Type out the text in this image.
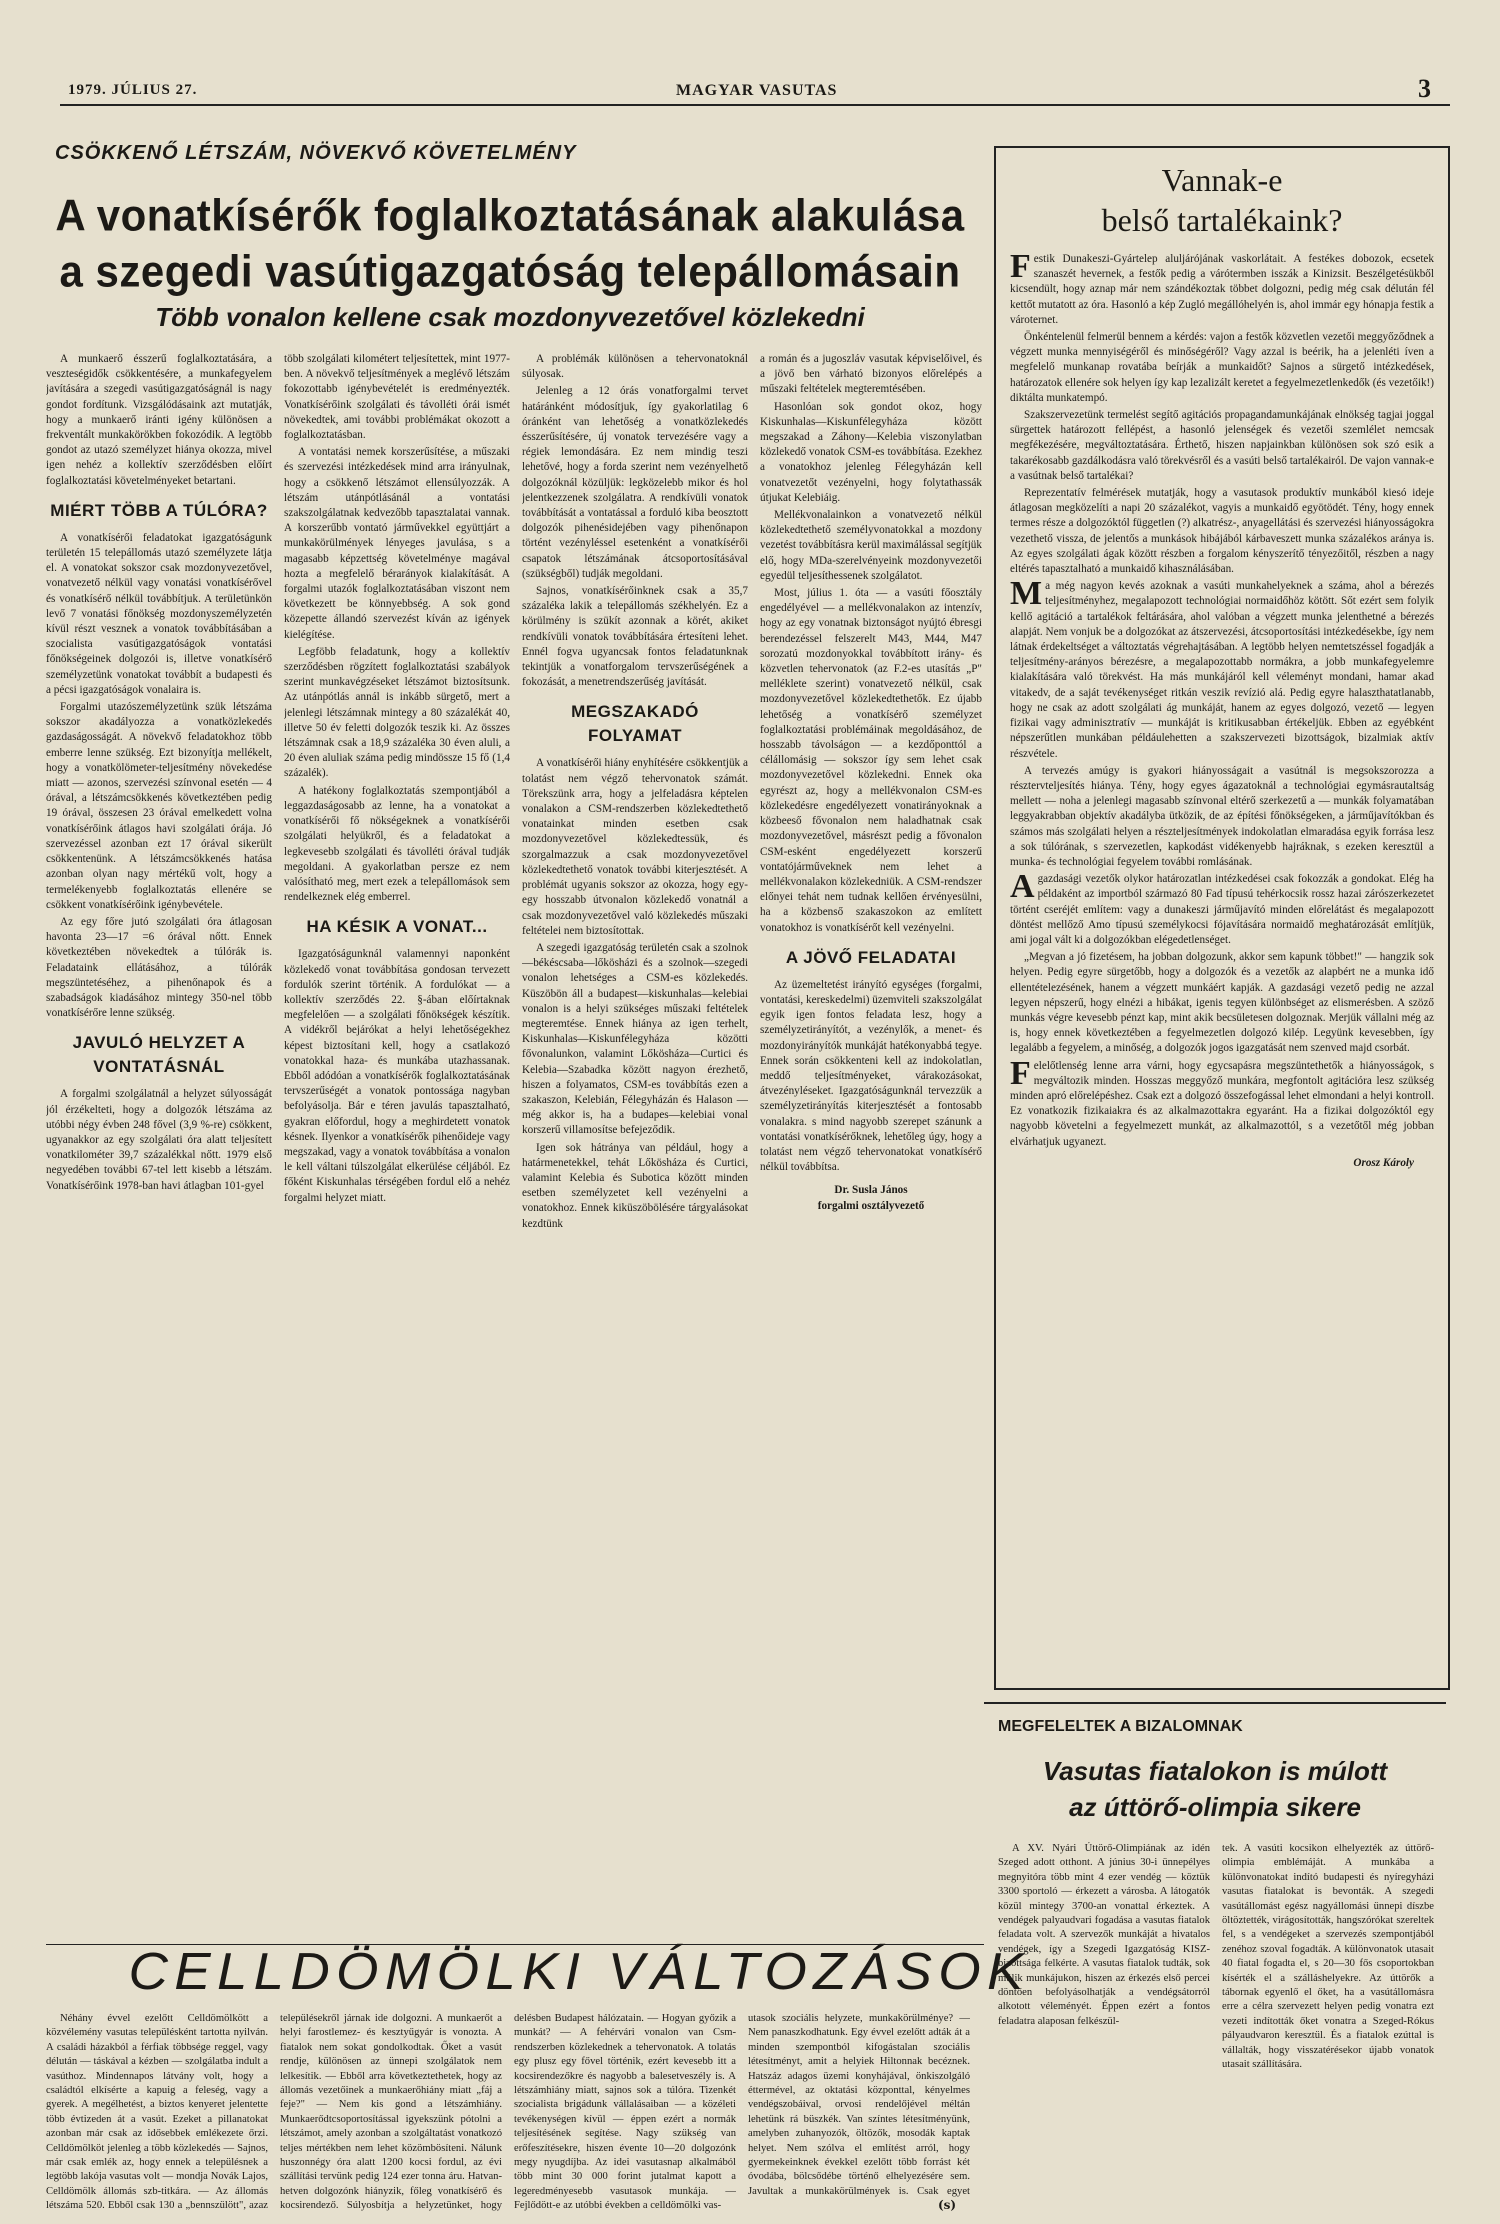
1979. JÚLIUS 27.	MAGYAR VASUTAS	3
CSÖKKENŐ LÉTSZÁM, NÖVEKVŐ KÖVETELMÉNY
A vonatkísérők foglalkoztatásának alakulása
a szegedi vasútigazgatóság telepállomásain
Több vonalon kellene csak mozdonyvezetővel közlekedni

A munkaerő ésszerű foglalkoztatására, a veszteségidők csökkentésére, a munkafegyelem javítására a szegedi vasútigazgatóságnál is nagy gondot fordítunk. Vizsgálódásaink azt mutatják, hogy a munkaerő iránti igény különösen a frekventált munkakörökben fokozódik. A legtöbb gondot az utazó személyzet hiánya okozza, mivel igen nehéz a kollektív szerződésben előírt foglalkoztatási követelményeket betartani.

MIÉRT TÖBB A TÚLÓRA?

A vonatkísérői feladatokat igazgatóságunk területén 15 telepállomás utazó személyzete látja el. A vonatokat sokszor csak mozdonyvezetővel, vonatvezető nélkül vagy vonatási vonatkísérővel és vonatkísérő nélkül továbbítjuk. A területünkön levő 7 vonatási főnökség mozdonyszemélyzetén kívül részt vesznek a vonatok továbbításában a szocialista vasútigazgatóságok vontatási főnökségeinek dolgozói is, illetve vonatkísérő személyzetünk vonatokat továbbít a budapesti és a pécsi igazgatóságok vonalaira is.

Forgalmi utazószemélyzetünk szük létszáma sokszor akadályozza a vonatközlekedés gazdaságosságát. A növekvő feladatokhoz több emberre lenne szükség. Ezt bizonyítja mellékelt, hogy a vonatkölömeter-teljesítmény növekedése miatt — azonos, szervezési színvonal esetén — 4 órával, a létszámcsökkenés következtében pedig 19 órával, összesen 23 órával emelkedett volna vonatkísérőink átlagos havi szolgálati órája. Jó szervezéssel azonban ezt 17 órával sikerült csökkentenünk. A létszámcsökkenés hatása azonban olyan nagy mértékű volt, hogy a termelékenyebb foglalkoztatás ellenére se csökkent vonatkísérőink igénybevétele.

Az egy főre jutó szolgálati óra átlagosan havonta 23—17 =6 órával nőtt. Ennek következtében növekedtek a túlórák is. Feladataink ellátásához, a túlórák megszüntetéséhez, a pihenőnapok és a szabadságok kiadásához mintegy 350-nel több vonatkísérőre lenne szükség.

JAVULÓ HELYZET A VONTATÁSNÁL

A forgalmi szolgálatnál a helyzet súlyosságát jól érzékelteti, hogy a dolgozók létszáma az utóbbi négy évben 248 fővel (3,9 %-re) csökkent, ugyanakkor az egy szolgálati óra alatt teljesített vonatkilométer 39,7 százalékkal nőtt. 1979 első negyedében további 67-tel lett kisebb a létszám. Vonatkísérőink 1978-ban havi átlagban 101-gyel

több szolgálati kilométert teljesítettek, mint 1977-ben. A növekvő teljesítmények a meglévő létszám fokozottabb igénybevételét is eredményezték. Vonatkísérőink szolgálati és távolléti órái ismét növekedtek, ami további problémákat okozott a foglalkoztatásban.

A vontatási nemek korszerűsítése, a műszaki és szervezési intézkedések mind arra irányulnak, hogy a csökkenő létszámot ellensúlyozzák. A létszám utánpótlásánál a vontatási szakszolgálatnak kedvezőbb tapasztalatai vannak. A korszerűbb vontató járművekkel együttjárt a munkakörülmények lényeges javulása, s a magasabb képzettség követelménye magával hozta a megfelelő bérarányok kialakítását. A forgalmi utazók foglalkoztatásában viszont nem következett be könnyebbség. A sok gond közepette állandó szervezést kíván az igények kielégítése.

Legföbb feladatunk, hogy a kollektív szerződésben rögzített foglalkoztatási szabályok szerint munkavégzéseket létszámot biztosítsunk. Az utánpótlás annál is inkább sürgető, mert a jelenlegi létszámnak mintegy a 80 százalékát 40, illetve 50 év feletti dolgozók teszik ki. Az összes létszámnak csak a 18,9 százaléka 30 éven aluli, a 20 éven aluliak száma pedig mindössze 15 fő (1,4 százalék).

A hatékony foglalkoztatás szempontjából a leggazdaságosabb az lenne, ha a vonatokat a vonatkísérői fő nökségeknek a vonatkísérői szolgálati helyükről, és a feladatokat a legkevesebb szolgálati és távolléti órával tudják megoldani. A gyakorlatban persze ez nem valósítható meg, mert ezek a telepállomások sem rendelkeznek elég emberrel.

HA KÉSIK A VONAT...

Igazgatóságunknál valamennyi naponként közlekedő vonat továbbítása gondosan tervezett fordulók szerint történik. A fordulókat — a kollektív szerződés 22. §-ában előírtaknak megfelelően — a szolgálati főnökségek készítik. A vidékről bejárókat a helyi lehetőségekhez képest biztosítani kell, hogy a csatlakozó vonatokkal haza- és munkába utazhassanak. Ebből adódóan a vonatkísérők foglalkoztatásának tervszerűségét a vonatok pontossága nagyban befolyásolja. Bár e téren javulás tapasztalható, gyakran előfordul, hogy a meghirdetett vonatok késnek. Ilyenkor a vonatkísérők pihenőideje vagy megszakad, vagy a vonatok továbbítása a vonalon le kell váltani túlszolgálat elkerülése céljából. Ez főként Kiskunhalas térségében fordul elő a nehéz forgalmi helyzet miatt.

A problémák különösen a tehervonatoknál súlyosak.

Jelenleg a 12 órás vonatforgalmi tervet határánként módosítjuk, így gyakorlatilag 6 óránként van lehetőség a vonatközlekedés ésszerűsítésére, új vonatok tervezésére vagy a régiek lemondására. Ez nem mindig teszi lehetővé, hogy a forda szerint nem vezényelhető dolgozóknál közüljük: legközelebb mikor és hol jelentkezzenek szolgálatra. A rendkívüli vonatok továbbítását a vontatással a forduló kiba beosztott dolgozók pihenésidejében vagy pihenőnapon történt vezényléssel esetenként a vonatkísérői csapatok létszámának átcsoportosításával (szükségből) tudják megoldani.

Sajnos, vonatkísérőinknek csak a 35,7 százaléka lakik a telepállomás székhelyén. Ez a körülmény is szükít azonnak a körét, akiket rendkívüli vonatok továbbítására értesíteni lehet. Ennél fogva ugyancsak fontos feladatunknak tekintjük a vonatforgalom tervszerűségének a fokozását, a menetrendszerűség javítását.

MEGSZAKADÓ FOLYAMAT

A vonatkísérői hiány enyhítésére csökkentjük a tolatást nem végző tehervonatok számát. Törekszünk arra, hogy a jelfeladásra képtelen vonalakon a CSM-rendszerben közlekedtethető vonatainkat minden esetben csak mozdonyvezetővel közlekedtessük, és szorgalmazzuk a csak mozdonyvezetővel közlekedtethető vonatok további kiterjesztését. A problémát ugyanis sokszor az okozza, hogy egy-egy hosszabb útvonalon közlekedő vonatnál a csak mozdonyvezetővel való közlekedés műszaki feltételei nem biztosítottak.

A szegedi igazgatóság területén csak a szolnok—békéscsaba—lőkösházi és a szolnok—szegedi vonalon lehetséges a CSM-es közlekedés. Küszöbön áll a budapest—kiskunhalas—kelebiai vonalon is a helyi szükséges műszaki feltételek megteremtése. Ennek hiánya az igen terhelt, Kiskunhalas—Kiskunfélegyháza közötti fővonalunkon, valamint Lőkösháza—Curtici és Kelebia—Szabadka között nagyon érezhető, hiszen a folyamatos, CSM-es továbbítás ezen a szakaszon, Kelebián, Félegyházán és Halason — még akkor is, ha a budapes—kelebiai vonal korszerű villamosítse befejeződik.

Igen sok hátránya van például, hogy a határmenetekkel, tehát Lőkösháza és Curtici, valamint Kelebia és Subotica között minden esetben személyzetet kell vezényelni a vonatokhoz. Ennek kiküszöbölésére tárgyalásokat kezdtünk

a román és a jugoszláv vasutak képviselőivel, és a jövő ben várható bizonyos előrelépés a műszaki feltételek megteremtésében.

Hasonlóan sok gondot okoz, hogy Kiskunhalas—Kiskunfélegyháza között megszakad a Záhony—Kelebia viszonylatban közlekedő vonatok CSM-es továbbítása. Ezekhez a vonatokhoz jelenleg Félegyházán kell vonatvezetőt vezényelni, hogy folytathassák útjukat Kelebiáig.

Mellékvonalainkon a vonatvezető nélkül közlekedtethető személyvonatokkal a mozdony vezetést továbbításra kerül maximálással segítjük elő, hogy MDa-szerelvényeink mozdonyvezetői egyedül teljesíthessenek szolgálatot.

Most, július 1. óta — a vasúti főosztály engedélyével — a mellékvonalakon az intenzív, hogy az egy vonatnak biztonságot nyújtó ébresgi berendezéssel felszerelt M43, M44, M47 sorozatú mozdonyokkal továbbított irány- és közvetlen tehervonatok (az F.2-es utasítás „P" melléklete szerint) vonatvezető nélkül, csak mozdonyvezetővel közlekedtethetők. Ez újabb lehetőség a vonatkísérő személyzet foglalkoztatási problémáinak megoldásához, de hosszabb távolságon — a kezdőponttól a célállomásig — sokszor így sem lehet csak mozdonyvezetővel közlekedni. Ennek oka egyrészt az, hogy a mellékvonalon CSM-es közlekedésre engedélyezett vonatirányoknak a közbeeső fővonalon nem haladhatnak csak mozdonyvezetővel, másrészt pedig a fővonalon CSM-esként engedélyezett korszerű vontatójárműveknek nem lehet a mellékvonalakon közlekedniük. A CSM-rendszer előnyei tehát nem tudnak kellően érvényesülni, ha a közbenső szakaszokon az említett vonatokhoz is vonatkísérőt kell vezényelni.

A JÖVŐ FELADATAI

Az üzemeltetést irányító egységes (forgalmi, vontatási, kereskedelmi) üzemviteli szakszolgálat egyik igen fontos feladata lesz, hogy a személyzetirányítót, a vezénylők, a menet- és mozdonyirányítók munkáját hatékonyabbá tegye. Ennek során csökkenteni kell az indokolatlan, meddő teljesítményeket, várakozásokat, átvezényléseket. Igazgatóságunknál tervezzük a személyzetirányítás kiterjesztését a fontosabb vonalakra. s mind nagyobb szerepet szánunk a vontatási vonatkísérőknek, lehetőleg úgy, hogy a tolatást nem végző tehervonatokat vonatkísérő nélkül továbbítsa.

Dr. Susla János
forgalmi osztályvezető
Vannak-e
belső tartalékaink?

Festik Dunakeszi-Gyártelep aluljárójának vaskorlátait. A festékes dobozok, ecsetek szanaszét hevernek, a festők pedig a várótermben isszák a Kinizsit. Beszélgetésükből kicsendült, hogy aznap már nem szándékoztak többet dolgozni, pedig még csak délután fél kettőt mutatott az óra. Hasonló a kép Zugló megállóhelyén is, ahol immár egy hónapja festik a vároternet.

Önkéntelenül felmerül bennem a kérdés: vajon a festők közvetlen vezetői meggyőződnek a végzett munka mennyiségéről és minőségéről? Vagy azzal is beérik, ha a jelenléti íven a megfelelő munkanap rovatába beírják a munkaidőt? Sajnos a sürgető intézkedések, határozatok ellenére sok helyen így kap lezalizált keretet a fegyelmezetlenkedők (és vezetőik!) diktálta munkatempó.

Szakszervezetünk termelést segítő agitációs propagandamunkájának elnökség tagjai joggal sürgettek határozott fellépést, a hasonló jelenségek és vezetői szemlélet nemcsak megfékezésére, megváltoztatására. Érthető, hiszen napjainkban különösen sok szó esik a takarékosabb gazdálkodásra való törekvésről és a vasúti belső tartalékairól. De vajon vannak-e a vasútnak belső tartalékai?

Reprezentatív felmérések mutatják, hogy a vasutasok produktív munkából kiesó ideje átlagosan megközelíti a napi 20 százalékot, vagyis a munkaidő egyötödét. Tény, hogy ennek termes része a dolgozóktól független (?) alkatrész-, anyagellátási és szervezési hiányosságokra vezethető vissza, de jelentős a munkások hibájából kárbaveszett munka százalékos aránya is. Az egyes szolgálati ágak között részben a forgalom kényszerítő tényezőitől, részben a nagy eltérés tapasztalható a munkaidő kihasználásában.

Ma még nagyon kevés azoknak a vasúti munkahelyeknek a száma, ahol a bérezés teljesítményhez, megalapozott technológiai normaidőhöz kötött. Sőt ezért sem folyik kellő agitáció a tartalékok feltárására, ahol valóban a végzett munka jelenthetné a bérezés alapját. Nem vonjuk be a dolgozókat az átszervezési, átcsoportosítási intézkedésekbe, így nem látnak érdekeltséget a változtatás végrehajtásában. A legtöbb helyen nemtetszéssel fogadják a teljesítmény-arányos bérezésre, a megalapozottabb normákra, a jobb munkafegyelemre kialakítására való törekvést. Ha más munkájáról kell véleményt mondani, hamar akad vitakedv, de a saját tevékenységet ritkán veszik revízió alá. Pedig egyre halaszthatatlanabb, hogy ne csak az adott szolgálati ág munkáját, hanem az egyes dolgozó, vezető — legyen fizikai vagy adminisztratív — munkáját is kritikusabban értékeljük. Ebben az egyébként népszerűtlen munkában példáulehetten a szakszervezeti bizottságok, bizalmiak aktív részvétele.

A tervezés amúgy is gyakori hiányosságait a vasútnál is megsokszorozza a résztervteljesítés hiánya. Tény, hogy egyes ágazatoknál a technológiai egymásrautaltság mellett — noha a jelenlegi magasabb színvonal eltérő szerkezetű a — munkák folyamatában leggyakrabban objektív akadályba ütközik, de az építési főnökségeken, a járműjavítókban és számos más szolgálati helyen a részteljesítmények indokolatlan elmaradása egyik forrása lesz a sok túlórának, s szervezetlen, kapkodást vidékenyebb hajráknak, s ezeken keresztül a munka- és technológiai fegyelem további romlásának.

Agazdasági vezetők olykor határozatlan intézkedései csak fokozzák a gondokat. Elég ha példaként az importból származó 80 Fad típusú tehérkocsik rossz hazai zárószerkezetet történt cseréjét említem: vagy a dunakeszi járműjavító minden előrelátást és megalapozott döntést mellőző Amo típusú személykocsi fójavítására normaidő meghatározását említjük, ami jogal vált ki a dolgozókban elégedetlenséget.

„Megvan a jó fizetésem, ha jobban dolgozunk, akkor sem kapunk többet!" — hangzik sok helyen. Pedig egyre sürgetőbb, hogy a dolgozók és a vezetők az alapbért ne a munka idő ellentételezésének, hanem a végzett munkáért kapják. A gazdasági vezető pedig ne azzal legyen népszerű, hogy elnézi a hibákat, igenis tegyen különbséget az elismerésben. A szöző munkás végre kevesebb pénzt kap, mint akik becsületesen dolgoznak. Merjük vállalni még az is, hogy ennek következtében a fegyelmezetlen dolgozó kilép. Legyünk kevesebben, így legalább a fegyelem, a minőség, a dolgozók jogos igazgatását nem szenved majd csorbát.

Felelőtlenség lenne arra várni, hogy egycsapásra megszüntethetők a hiányosságok, s megváltozik minden. Hosszas meggyőző munkára, megfontolt agitációra lesz szükség minden apró előrelépéshez. Csak ezt a dolgozó összefogással lehet elmondani a helyi kontroll. Ez vonatkozik fizikaiakra és az alkalmazottakra egyaránt. Ha a fizikai dolgozóktól egy nagyobb követelni a fegyelmezett munkát, az alkalmazottól, s a vezetőtől még jobban elvárhatjuk ugyanezt.

Orosz Károly
CELLDÖMÖLKI VÁLTOZÁSOK

Néhány évvel ezelőtt Celldömölkött a közvélemény vasutas településként tartotta nyilván. A családi házakból a férfiak többsége reggel, vagy délután — táskával a kézben — szolgálatba indult a vasúthoz. Mindennapos látvány volt, hogy a családtól elkísérte a kapuig a feleség, vagy a gyerek. A megélhetést, a biztos kenyeret jelentette több évtizeden át a vasút. Ezeket a pillanatokat azonban már csak az idősebbek emlékezete őrzi. Celldömölköt jelenleg a több közlekedés — Sajnos, már csak emlék az, hogy ennek a településnek a legtöbb lakója vasutas volt — mondja Novák Lajos, Celldömölk állomás szb-titkára. — Az állomás létszáma 520. Ebből csak 130 a „bennszülött", azaz

településekről járnak ide dolgozni. A munkaerőt a helyi farostlemez- és kesztyűgyár is vonozta. A fiatalok nem sokat gondolkodtak. Őket a vasút rendje, különösen az ünnepi szolgálatok nem lelkesítik. — Ebből arra következtethetek, hogy az állomás vezetőinek a munkaerőhiány miatt „fáj a feje?" — Nem kis gond a létszámhiány. Munkaerődtcsoportosítással igyekszünk pótolni a létszámot, amely azonban a szolgáltatást vonatkozó teljes mértékben nem lehet közömbösíteni. Nálunk huszonnégy óra alatt 1200 kocsi fordul, az évi szállítási tervünk pedig 124 ezer tonna áru. Hatvan-hetven dolgozónk hiányzik, főleg vonatkísérő és kocsirendező. Súlyosbítja a helyzetünket, hogy

delésben Budapest hálózatain. — Hogyan győzik a munkát? — A fehérvári vonalon van Csm-rendszerben közlekednek a tehervonatok. A tolatás egy plusz egy fővel történik, ezért kevesebb itt a kocsirendezőkre és nagyobb a balesetveszély is. A létszámhiány miatt, sajnos sok a túlóra. Tizenkét szocialista brigádunk vállalásaiban — a közéleti tevékenységen kívül — éppen ezért a normák teljesítésének segítése. Nagy szükség van erőfeszítésekre, hiszen évente 10—20 dolgozónk megy nyugdíjba. Az idei vasutasnap alkalmából több mint 30 000 forint jutalmat kapott a legeredményesebb vasutasok munkája. — Fejlődött-e az utóbbi években a celldömölki vas-

utasok szociális helyzete, munkakörülménye? — Nem panaszkodhatunk. Egy évvel ezelőtt adták át a minden szempontból kifogástalan szociális létesítményt, amit a helyiek Hiltonnak becéznek. Hatszáz adagos üzemi konyhájával, önkiszolgáló éttermével, az oktatási központtal, kényelmes vendégszobáival, orvosi rendelőjével méltán lehetünk rá büszkék. Van színtes létesítményünk, amelyben zuhanyozók, öltözők, mosodák kaptak helyet. Nem szólva el említést arról, hogy gyermekeinknek évekkel ezelőtt több forrást két óvodába, bölcsődébe történő elhelyezésére sem. Javultak a munkakörülmények is. Csak egyet

(s)
MEGFELELTEK A BIZALOMNAK
Vasutas fiatalokon is múlott
az úttörő-olimpia sikere

A XV. Nyári Úttörő-Olimpiának az idén Szeged adott otthont. A június 30-i ünnepélyes megnyitóra több mint 4 ezer vendég — köztük 3300 sportoló — érkezett a városba. A látogatók közül mintegy 3700-an vonattal érkeztek. A vendégek palyaudvari fogadása a vasutas fiatalok feladata volt. A szervezők munkáját a hivatalos vendégek, így a Szegedi Igazgatóság KISZ-bizottsága felkérte. A vasutas fiatalok tudták, sok múlik munkájukon, hiszen az érkezés első percei döntően befolyásolhatják a vendégsátorról alkotott véleményét. Éppen ezért a fontos feladatra alaposan felkészül-

tek. A vasúti kocsikon elhelyezték az úttörő-olimpia emblémáját. A munkába a különvonatokat indító budapesti és nyíregyházi vasutas fiatalokat is bevonták. A szegedi vasútállomást egész nagyállomási ünnepi díszbe öltöztették, virágosították, hangszórókat szereltek fel, s a vendégeket a szervezés szempontjából zenéhoz szoval fogadták. A különvonatok utasait 40 fiatal fogadta el, s 20—30 fős csoportokban kísérték el a szálláshelyekre. Az úttörők a tábornak egyenlő el őket, ha a vasútállomásra erre a célra szervezett helyen pedig vonatra ezt vezeti indították őket vonatra a Szeged-Rókus pályaudvaron keresztül. És a fiatalok ezúttal is vállalták, hogy visszatérésekor újabb vonatok utasait szállítására.
